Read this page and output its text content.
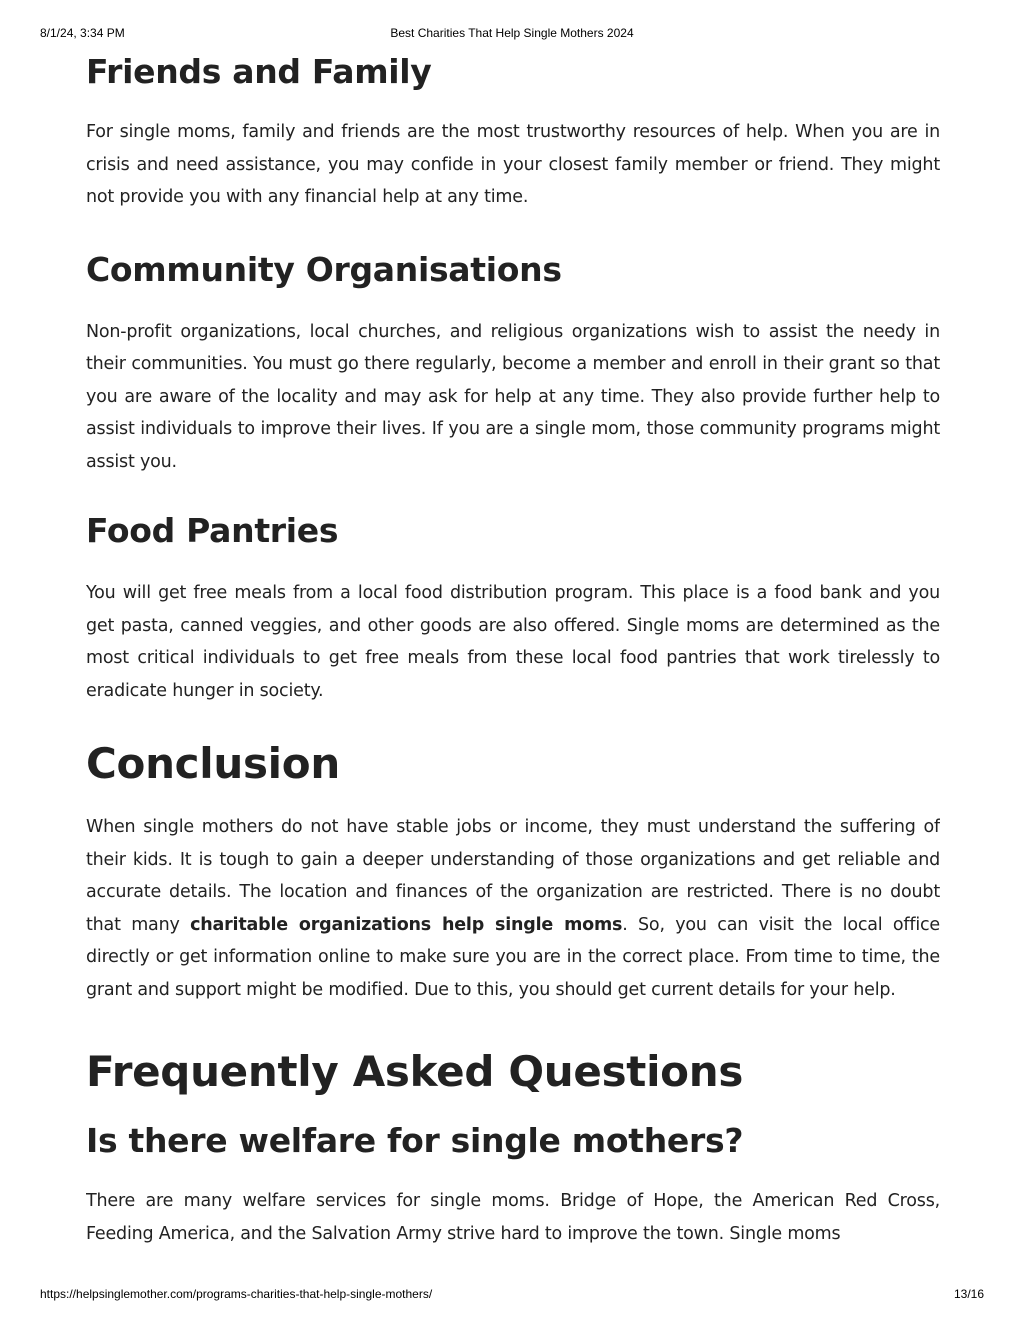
8/1/24, 3:34 PM	Best Charities That Help Single Mothers 2024
Friends and Family

For single moms, family and friends are the most trustworthy resources of help. When you are in crisis and need assistance, you may confide in your closest family member or friend. They might not provide you with any financial help at any time.

Community Organisations

Non-profit organizations, local churches, and religious organizations wish to assist the needy in their communities. You must go there regularly, become a member and enroll in their grant so that you are aware of the locality and may ask for help at any time. They also provide further help to assist individuals to improve their lives. If you are a single mom, those community programs might assist you.

Food Pantries

You will get free meals from a local food distribution program. This place is a food bank and you get pasta, canned veggies, and other goods are also offered. Single moms are determined as the most critical individuals to get free meals from these local food pantries that work tirelessly to eradicate hunger in society.

Conclusion

When single mothers do not have stable jobs or income, they must understand the suffering of their kids. It is tough to gain a deeper understanding of those organizations and get reliable and accurate details. The location and finances of the organization are restricted. There is no doubt that many charitable organizations help single moms. So, you can visit the local office directly or get information online to make sure you are in the correct place. From time to time, the grant and support might be modified. Due to this, you should get current details for your help.

Frequently Asked Questions
Is there welfare for single mothers?

There are many welfare services for single moms. Bridge of Hope, the American Red Cross, Feeding America, and the Salvation Army strive hard to improve the town. Single moms

https://helpsinglemother.com/programs-charities-that-help-single-mothers/	13/16
